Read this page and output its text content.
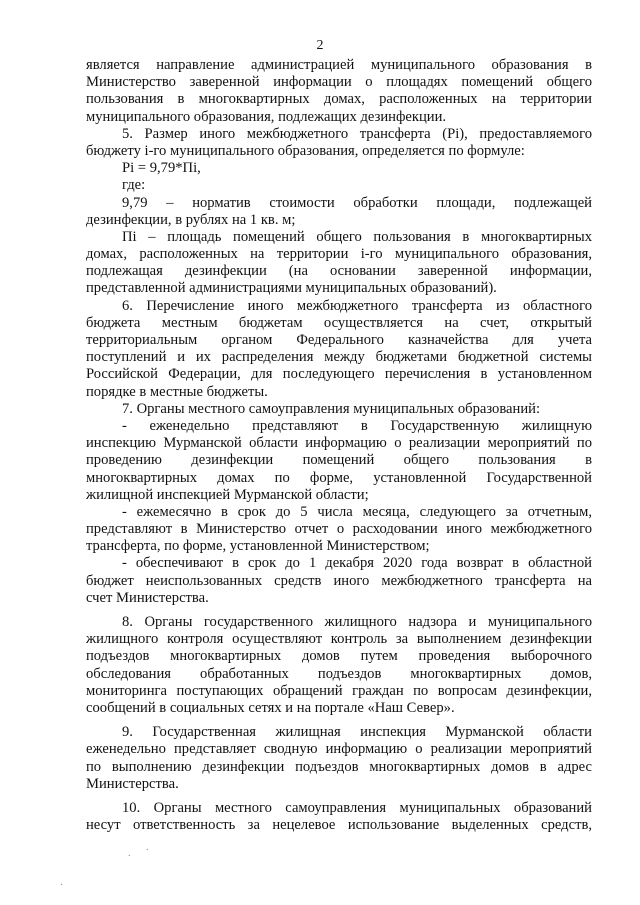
2
является направление администрацией муниципального образования в
Министерство заверенной информации о площадях помещений общего
пользования в многоквартирных домах, расположенных на территории
муниципального образования, подлежащих дезинфекции.
5. Размер иного межбюджетного трансферта (Рi), предоставляемого
бюджету i-го муниципального образования, определяется по формуле:
Рi = 9,79*Пi,
где:
9,79 – норматив стоимости обработки площади, подлежащей
дезинфекции, в рублях на 1 кв. м;
Пi – площадь помещений общего пользования в многоквартирных
домах, расположенных на территории i-го муниципального образования,
подлежащая дезинфекции (на основании заверенной информации,
представленной администрациями муниципальных образований).
6. Перечисление иного межбюджетного трансферта из областного
бюджета местным бюджетам осуществляется на счет, открытый
территориальным органом Федерального казначейства для учета
поступлений и их распределения между бюджетами бюджетной системы
Российской Федерации, для последующего перечисления в установленном
порядке в местные бюджеты.
7. Органы местного самоуправления муниципальных образований:
- еженедельно представляют в Государственную жилищную
инспекцию Мурманской области информацию о реализации мероприятий по
проведению дезинфекции помещений общего пользования в
многоквартирных домах по форме, установленной Государственной
жилищной инспекцией Мурманской области;
- ежемесячно в срок до 5 числа месяца, следующего за отчетным,
представляют в Министерство отчет о расходовании иного межбюджетного
трансферта, по форме, установленной Министерством;
- обеспечивают в срок до 1 декабря 2020 года возврат в областной
бюджет неиспользованных средств иного межбюджетного трансферта на
счет Министерства.
8. Органы государственного жилищного надзора и муниципального
жилищного контроля осуществляют контроль за выполнением дезинфекции
подъездов многоквартирных домов путем проведения выборочного
обследования обработанных подъездов многоквартирных домов,
мониторинга поступающих обращений граждан по вопросам дезинфекции,
сообщений в социальных сетях и на портале «Наш Север».
9. Государственная жилищная инспекция Мурманской области
еженедельно представляет сводную информацию о реализации мероприятий
по выполнению дезинфекции подъездов многоквартирных домов в адрес
Министерства.
10. Органы местного самоуправления муниципальных образований
несут ответственность за нецелевое использование выделенных средств,
.
.
·
